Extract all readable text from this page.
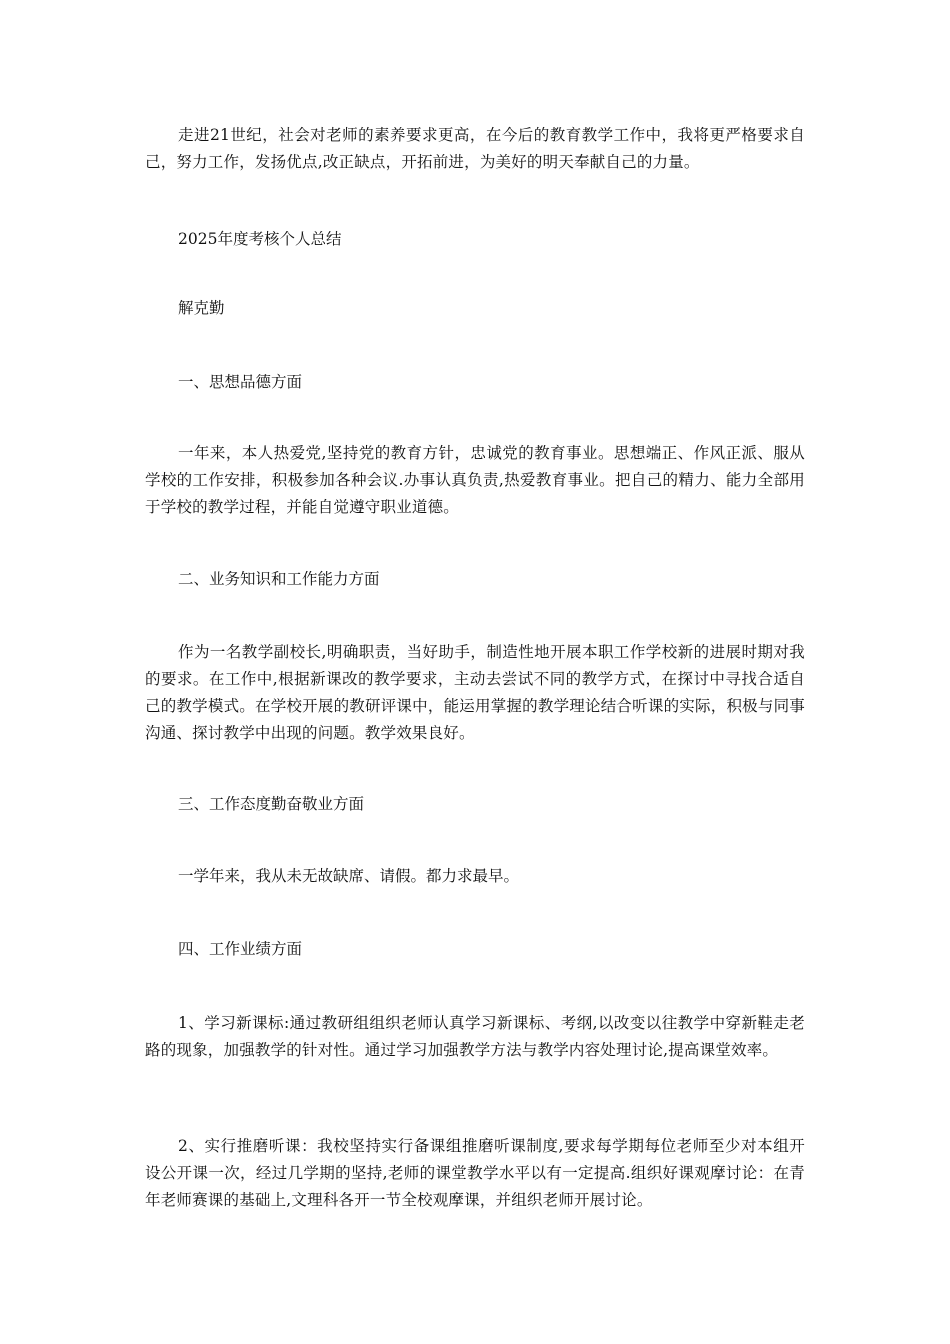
走进21世纪，社会对老师的素养要求更高，在今后的教育教学工作中，我将更严格要求自己，努力工作，发扬优点,改正缺点，开拓前进，为美好的明天奉献自己的力量。

2025年度考核个人总结

解克勤

一、思想品德方面

一年来，本人热爱党,坚持党的教育方针，忠诚党的教育事业。思想端正、作风正派、服从学校的工作安排，积极参加各种会议.办事认真负责,热爱教育事业。把自己的精力、能力全部用于学校的教学过程，并能自觉遵守职业道德。

二、业务知识和工作能力方面

作为一名教学副校长,明确职责，当好助手，制造性地开展本职工作学校新的进展时期对我的要求。在工作中,根据新课改的教学要求，主动去尝试不同的教学方式，在探讨中寻找合适自己的教学模式。在学校开展的教研评课中，能运用掌握的教学理论结合听课的实际，积极与同事沟通、探讨教学中出现的问题。教学效果良好。

三、工作态度勤奋敬业方面

一学年来，我从未无故缺席、请假。都力求最早。

四、工作业绩方面

1、学习新课标:通过教研组组织老师认真学习新课标、考纲,以改变以往教学中穿新鞋走老路的现象，加强教学的针对性。通过学习加强教学方法与教学内容处理讨论,提高课堂效率。

2、实行推磨听课：我校坚持实行备课组推磨听课制度,要求每学期每位老师至少对本组开设公开课一次，经过几学期的坚持,老师的课堂教学水平以有一定提高.组织好课观摩讨论：在青年老师赛课的基础上,文理科各开一节全校观摩课，并组织老师开展讨论。
